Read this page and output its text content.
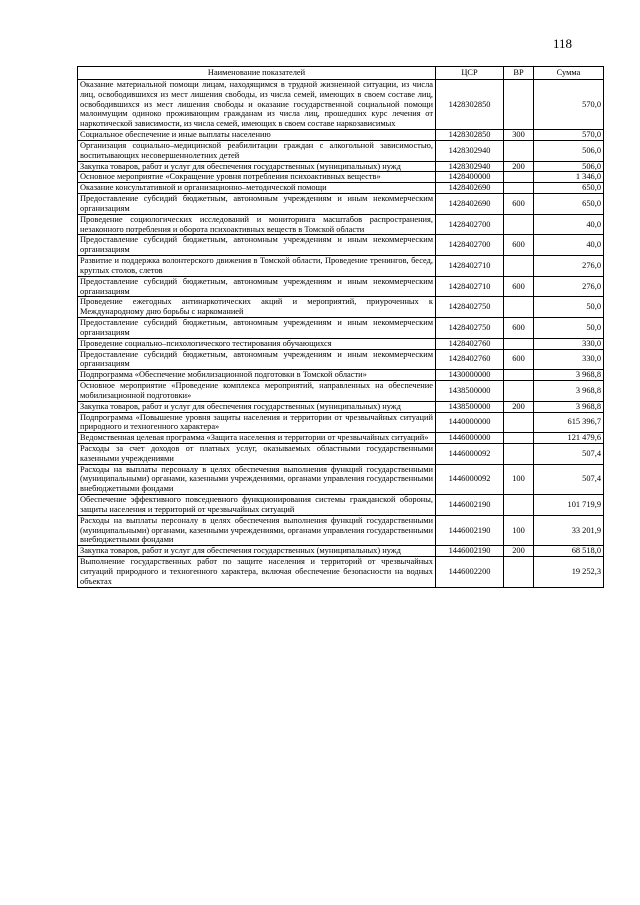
118
Наименование показателей	ЦСР	ВР	Сумма
Оказание материальной помощи лицам, находящимся в трудной жизненной ситуации, из числа лиц, освободившихся из мест лишения свободы, из числа семей, имеющих в своем составе лиц, освободившихся из мест лишения свободы и оказание государственной социальной помощи малоимущим одиноко проживающим гражданам из числа лиц, прошедших курс лечения от наркотической зависимости, из числа семей, имеющих в своем составе наркозависимых	1428302850		570,0
Социальное обеспечение и иные выплаты населению	1428302850	300	570,0
Организация социально–медицинской реабилитации граждан с алкогольной зависимостью, воспитывающих несовершеннолетних детей	1428302940		506,0
Закупка товаров, работ и услуг для обеспечения государственных (муниципальных) нужд	1428302940	200	506,0
Основное мероприятие «Сокращение уровня потребления психоактивных веществ»	1428400000		1 346,0
Оказание консультативной и организационно–методической помощи	1428402690		650,0
Предоставление субсидий бюджетным, автономным учреждениям и иным некоммерческим организациям	1428402690	600	650,0
Проведение социологических исследований и мониторинга масштабов распространения, незаконного потребления и оборота психоактивных веществ в Томской области	1428402700		40,0
Предоставление субсидий бюджетным, автономным учреждениям и иным некоммерческим организациям	1428402700	600	40,0
Развитие и поддержка волонтерского движения в Томской области, Проведение тренингов, бесед, круглых столов, слетов	1428402710		276,0
Предоставление субсидий бюджетным, автономным учреждениям и иным некоммерческим организациям	1428402710	600	276,0
Проведение ежегодных антинаркотических акций и мероприятий, приуроченных к Международному дню борьбы с наркоманией	1428402750		50,0
Предоставление субсидий бюджетным, автономным учреждениям и иным некоммерческим организациям	1428402750	600	50,0
Проведение социально–психологического тестирования обучающихся	1428402760		330,0
Предоставление субсидий бюджетным, автономным учреждениям и иным некоммерческим организациям	1428402760	600	330,0
Подпрограмма «Обеспечение мобилизационной подготовки в Томской области»	1430000000		3 968,8
Основное мероприятие «Проведение комплекса мероприятий, направленных на обеспечение мобилизационной подготовки»	1438500000		3 968,8
Закупка товаров, работ и услуг для обеспечения государственных (муниципальных) нужд	1438500000	200	3 968,8
Подпрограмма «Повышение уровня защиты населения и территории от чрезвычайных ситуаций природного и техногенного характера»	1440000000		615 396,7
Ведомственная целевая программа «Защита населения и территории от чрезвычайных ситуаций»	1446000000		121 479,6
Расходы за счет доходов от платных услуг, оказываемых областными государственными казенными учреждениями	1446000092		507,4
Расходы на выплаты персоналу в целях обеспечения выполнения функций государственными (муниципальными) органами, казенными учреждениями, органами управления государственными внебюджетными фондами	1446000092	100	507,4
Обеспечение эффективного повседневного функционирования системы гражданской обороны, защиты населения и территорий от чрезвычайных ситуаций	1446002190		101 719,9
Расходы на выплаты персоналу в целях обеспечения выполнения функций государственными (муниципальными) органами, казенными учреждениями, органами управления государственными внебюджетными фондами	1446002190	100	33 201,9
Закупка товаров, работ и услуг для обеспечения государственных (муниципальных) нужд	1446002190	200	68 518,0
Выполнение государственных работ по защите населения и территорий от чрезвычайных ситуаций природного и техногенного характера, включая обеспечение безопасности на водных объектах	1446002200		19 252,3
